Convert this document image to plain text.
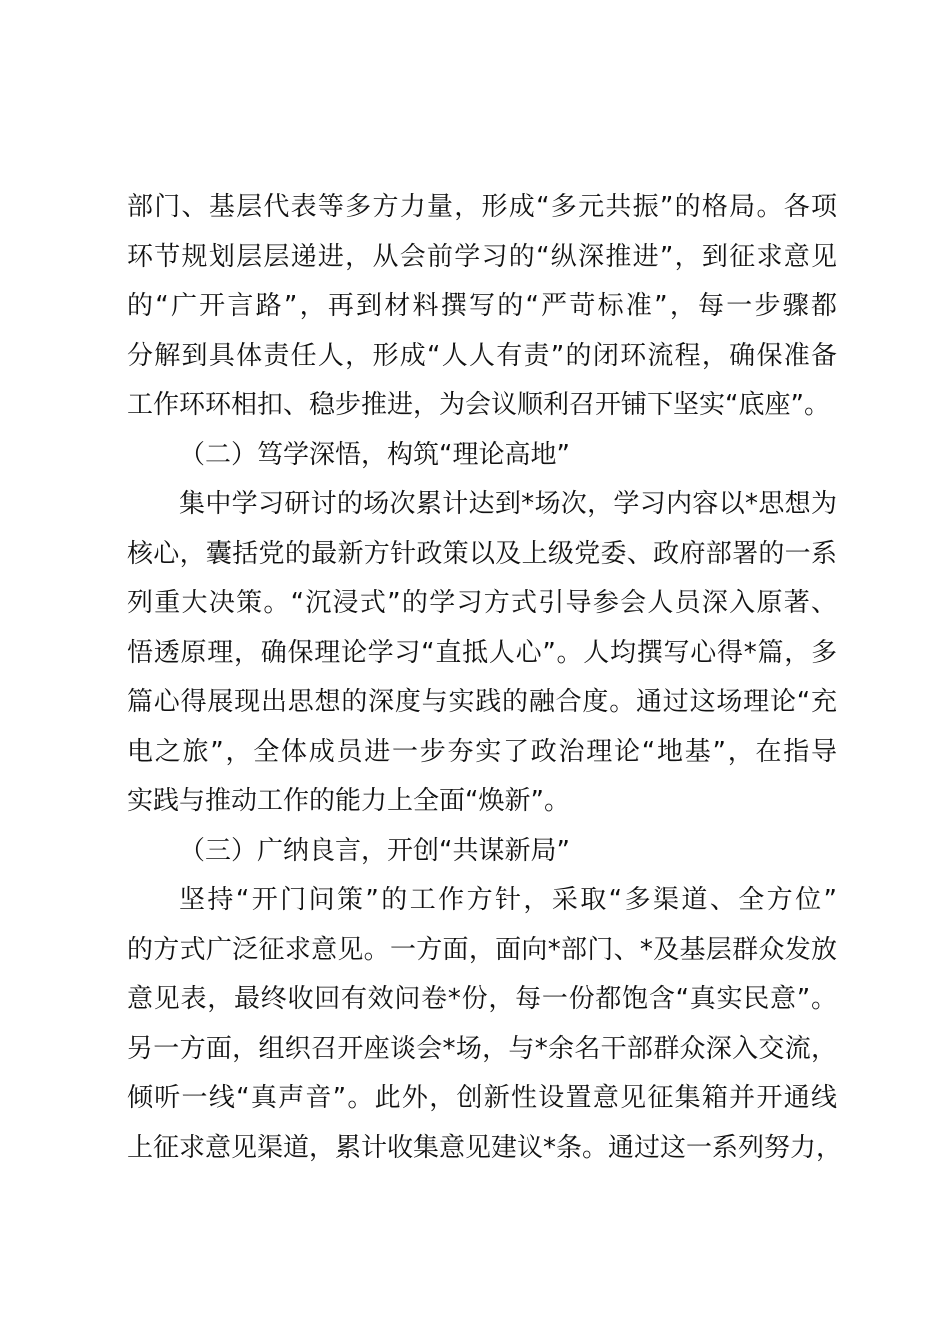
部门、基层代表等多方力量，形成“多元共振”的格局。各项
环节规划层层递进，从会前学习的“纵深推进”，到征求意见
的“广开言路”，再到材料撰写的“严苛标准”，每一步骤都
分解到具体责任人，形成“人人有责”的闭环流程，确保准备
工作环环相扣、稳步推进，为会议顺利召开铺下坚实“底座”。
（二）笃学深悟，构筑“理论高地”
集中学习研讨的场次累计达到*场次，学习内容以*思想为
核心，囊括党的最新方针政策以及上级党委、政府部署的一系
列重大决策。“沉浸式”的学习方式引导参会人员深入原著、
悟透原理，确保理论学习“直抵人心”。人均撰写心得*篇，多
篇心得展现出思想的深度与实践的融合度。通过这场理论“充
电之旅”，全体成员进一步夯实了政治理论“地基”，在指导
实践与推动工作的能力上全面“焕新”。
（三）广纳良言，开创“共谋新局”
坚持“开门问策”的工作方针，采取“多渠道、全方位”
的方式广泛征求意见。一方面，面向*部门、*及基层群众发放
意见表，最终收回有效问卷*份，每一份都饱含“真实民意”。
另一方面，组织召开座谈会*场，与*余名干部群众深入交流，
倾听一线“真声音”。此外，创新性设置意见征集箱并开通线
上征求意见渠道，累计收集意见建议*条。通过这一系列努力，
